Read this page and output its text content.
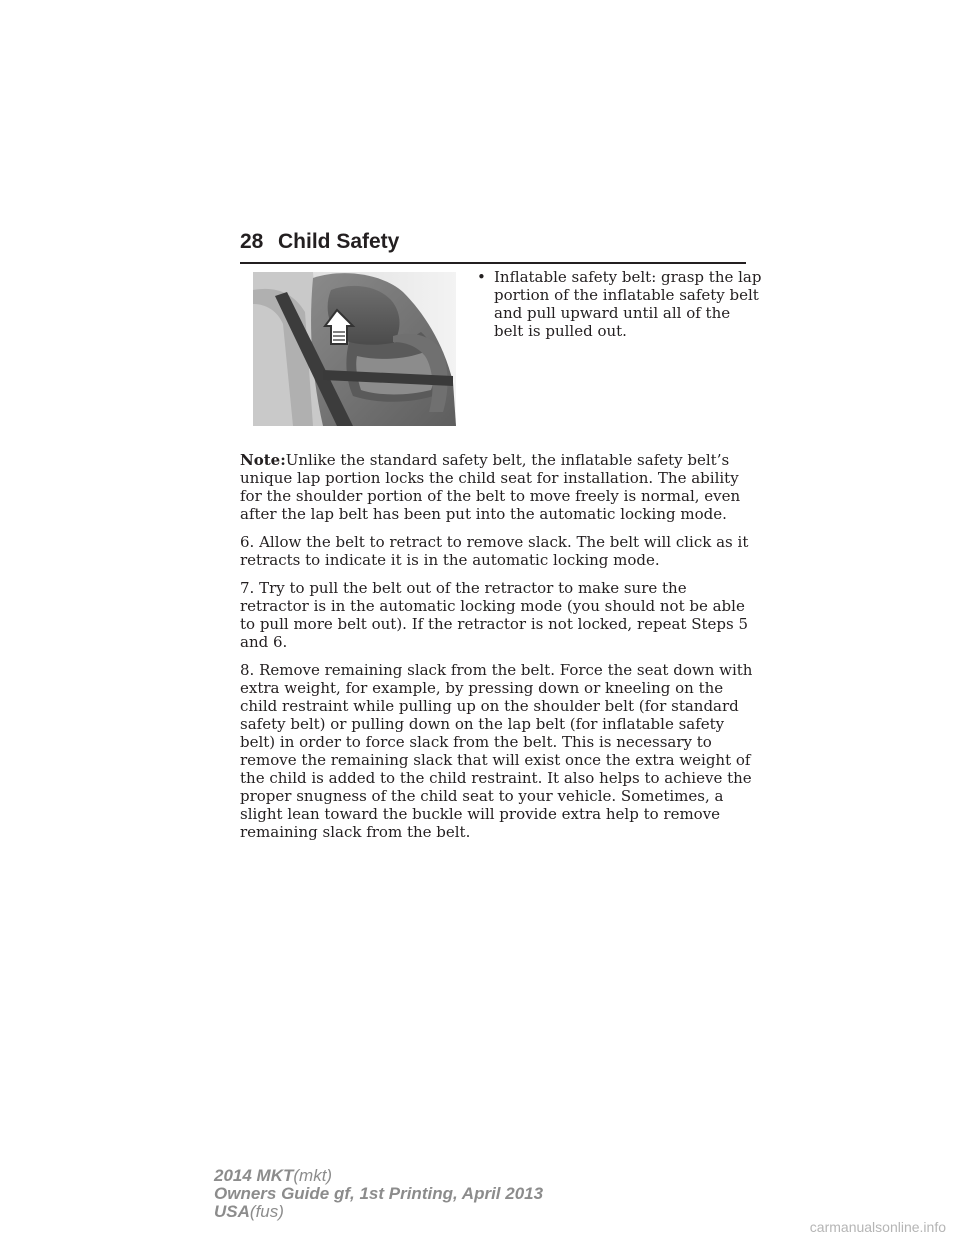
28 Child Safety
• Inflatable safety belt: grasp the lap portion of the inflatable safety belt and pull upward until all of the belt is pulled out.

Note:Unlike the standard safety belt, the inflatable safety belt’s unique lap portion locks the child seat for installation. The ability for the shoulder portion of the belt to move freely is normal, even after the lap belt has been put into the automatic locking mode.

6. Allow the belt to retract to remove slack. The belt will click as it retracts to indicate it is in the automatic locking mode.

7. Try to pull the belt out of the retractor to make sure the retractor is in the automatic locking mode (you should not be able to pull more belt out). If the retractor is not locked, repeat Steps 5 and 6.

8. Remove remaining slack from the belt. Force the seat down with extra weight, for example, by pressing down or kneeling on the child restraint while pulling up on the shoulder belt (for standard safety belt) or pulling down on the lap belt (for inflatable safety belt) in order to force slack from the belt. This is necessary to remove the remaining slack that will exist once the extra weight of the child is added to the child restraint. It also helps to achieve the proper snugness of the child seat to your vehicle. Sometimes, a slight lean toward the buckle will provide extra help to remove remaining slack from the belt.

2014 MKT(mkt)
Owners Guide gf, 1st Printing, April 2013
USA(fus)
carmanualsonline.info
